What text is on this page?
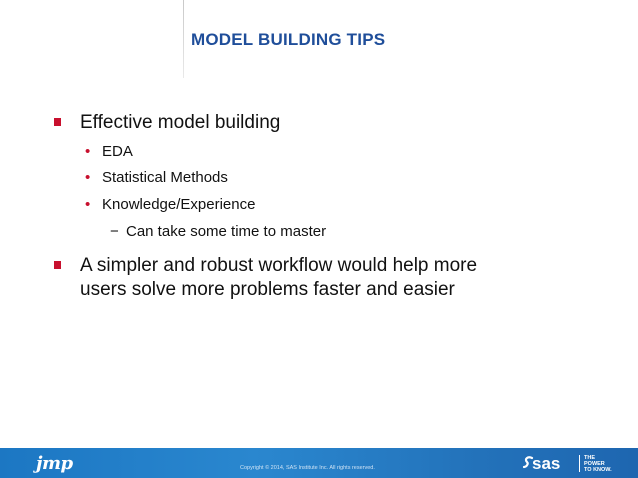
MODEL BUILDING TIPS
Effective model building
• EDA
• Statistical Methods
• Knowledge/Experience
− Can take some time to master
A simpler and robust workflow would help more
users solve more problems faster and easier
jmp	Copyright © 2014, SAS Institute Inc. All rights reserved.	sas	THE
POWER
TO KNOW.
